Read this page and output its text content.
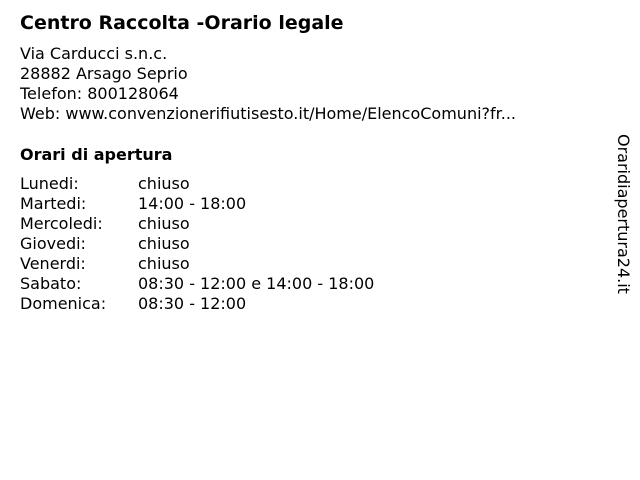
Centro Raccolta -Orario legale
Via Carducci s.n.c.
28882 Arsago Seprio
Telefon: 800128064
Web: www.convenzionerifiutisesto.it/Home/ElencoComuni?fr...
Orari di apertura
Lunedi:	chiuso
Martedi:	14:00 - 18:00
Mercoledi:	chiuso
Giovedi:	chiuso
Venerdi:	chiuso
Sabato:	08:30 - 12:00 e 14:00 - 18:00
Domenica:	08:30 - 12:00
Oraridiapertura24.it
